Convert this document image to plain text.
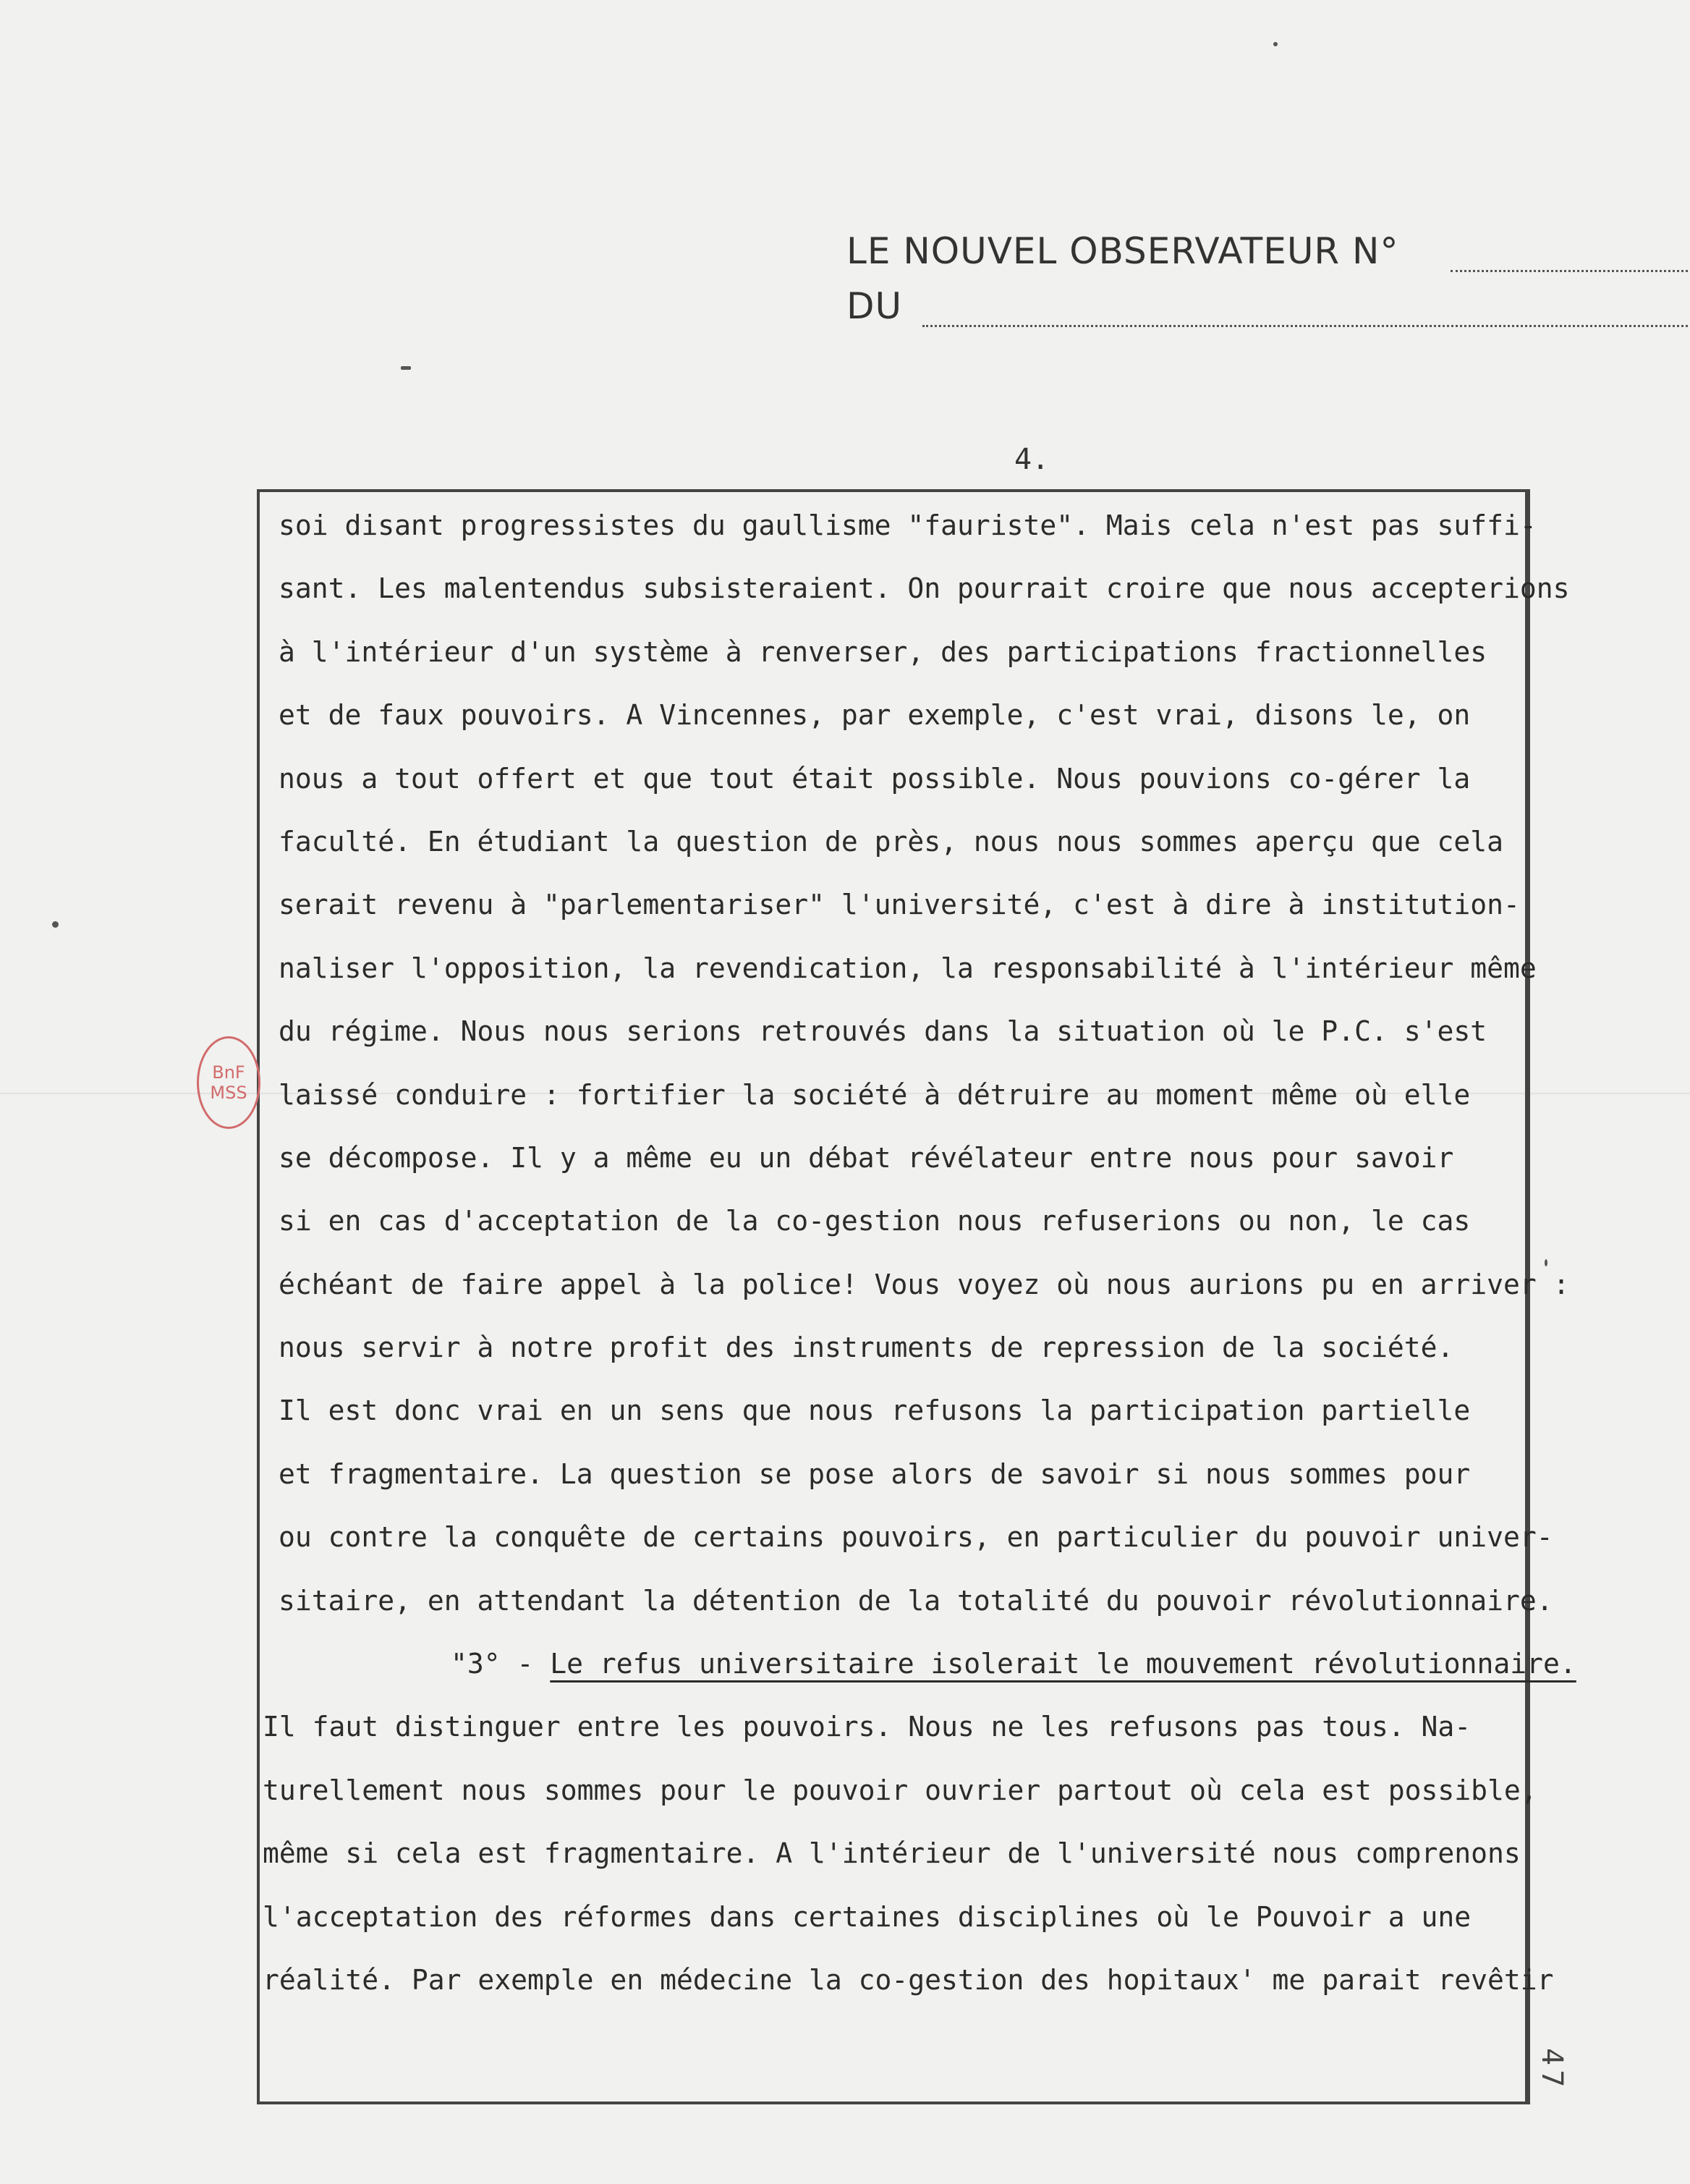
LE NOUVEL OBSERVATEUR N°
DU
4.
soi disant progressistes du gaullisme "fauriste". Mais cela n'est pas suffi-
sant. Les malentendus subsisteraient. On pourrait croire que nous accepterions
à l'intérieur d'un système à renverser, des participations fractionnelles
et de faux pouvoirs. A Vincennes, par exemple, c'est vrai, disons le, on
nous a tout offert et que tout était possible. Nous pouvions co-gérer la
faculté. En étudiant la question de près, nous nous sommes aperçu que cela
serait revenu à "parlementariser" l'université, c'est à dire à institution-
naliser l'opposition, la revendication, la responsabilité à l'intérieur même
du régime. Nous nous serions retrouvés dans la situation où le P.C. s'est
laissé conduire : fortifier la société à détruire au moment même où elle
se décompose. Il y a même eu un débat révélateur entre nous pour savoir
si en cas d'acceptation de la co-gestion nous refuserions ou non, le cas
échéant de faire appel à la police! Vous voyez où nous aurions pu en arriver :
nous servir à notre profit des instruments de repression de la société.
Il est donc vrai en un sens que nous refusons la participation partielle
et fragmentaire. La question se pose alors de savoir si nous sommes pour
ou contre la conquête de certains pouvoirs, en particulier du pouvoir univer-
sitaire, en attendant la détention de la totalité du pouvoir révolutionnaire.
"3° - Le refus universitaire isolerait le mouvement révolutionnaire.
Il faut distinguer entre les pouvoirs. Nous ne les refusons pas tous. Na-
turellement nous sommes pour le pouvoir ouvrier partout où cela est possible,
même si cela est fragmentaire. A l'intérieur de l'université nous comprenons
l'acceptation des réformes dans certaines disciplines où le Pouvoir a une
réalité. Par exemple en médecine la co-gestion des hopitaux' me parait revêtir
BnF
MSS
47
